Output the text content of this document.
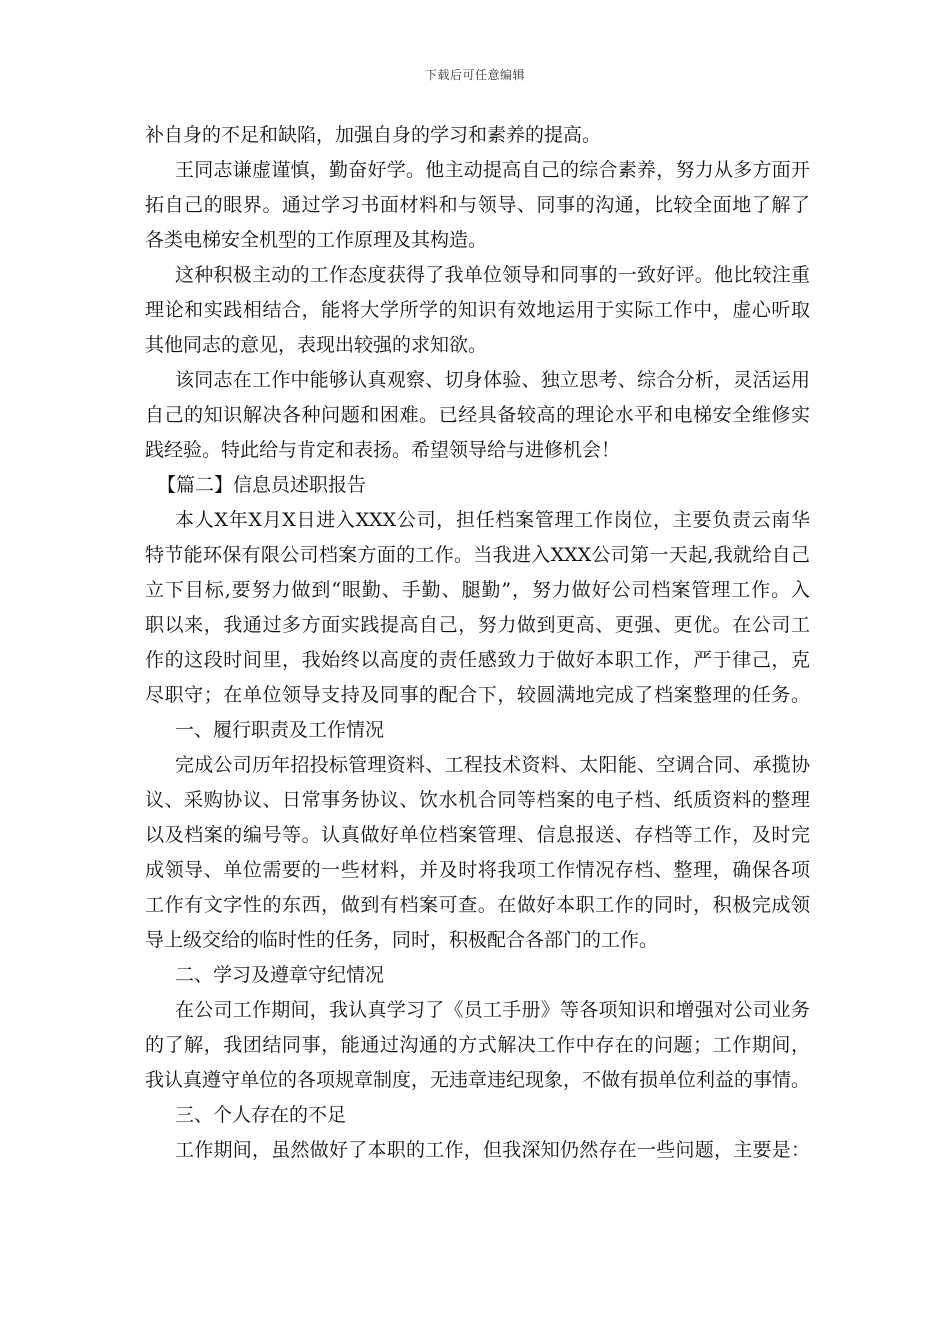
下载后可任意编辑
补自身的不足和缺陷，加强自身的学习和素养的提高。
王同志谦虚谨慎，勤奋好学。他主动提高自己的综合素养，努力从多方面开
拓自己的眼界。通过学习书面材料和与领导、同事的沟通，比较全面地了解了
各类电梯安全机型的工作原理及其构造。
这种积极主动的工作态度获得了我单位领导和同事的一致好评。他比较注重
理论和实践相结合，能将大学所学的知识有效地运用于实际工作中，虚心听取
其他同志的意见，表现出较强的求知欲。
该同志在工作中能够认真观察、切身体验、独立思考、综合分析，灵活运用
自己的知识解决各种问题和困难。已经具备较高的理论水平和电梯安全维修实
践经验。特此给与肯定和表扬。希望领导给与进修机会！
【篇二】信息员述职报告
本人X年X月X日进入XXX公司，担任档案管理工作岗位，主要负责云南华
特节能环保有限公司档案方面的工作。当我进入XXX公司第一天起,我就给自己
立下目标,要努力做到“眼勤、手勤、腿勤”，努力做好公司档案管理工作。入
职以来，我通过多方面实践提高自己，努力做到更高、更强、更优。在公司工
作的这段时间里，我始终以高度的责任感致力于做好本职工作，严于律己，克
尽职守；在单位领导支持及同事的配合下，较圆满地完成了档案整理的任务。
一、履行职责及工作情况
完成公司历年招投标管理资料、工程技术资料、太阳能、空调合同、承揽协
议、采购协议、日常事务协议、饮水机合同等档案的电子档、纸质资料的整理
以及档案的编号等。认真做好单位档案管理、信息报送、存档等工作，及时完
成领导、单位需要的一些材料，并及时将我项工作情况存档、整理，确保各项
工作有文字性的东西，做到有档案可查。在做好本职工作的同时，积极完成领
导上级交给的临时性的任务，同时，积极配合各部门的工作。
二、学习及遵章守纪情况
在公司工作期间，我认真学习了《员工手册》等各项知识和增强对公司业务
的了解，我团结同事，能通过沟通的方式解决工作中存在的问题；工作期间，
我认真遵守单位的各项规章制度，无违章违纪现象，不做有损单位利益的事情。
三、个人存在的不足
工作期间，虽然做好了本职的工作，但我深知仍然存在一些问题，主要是：
